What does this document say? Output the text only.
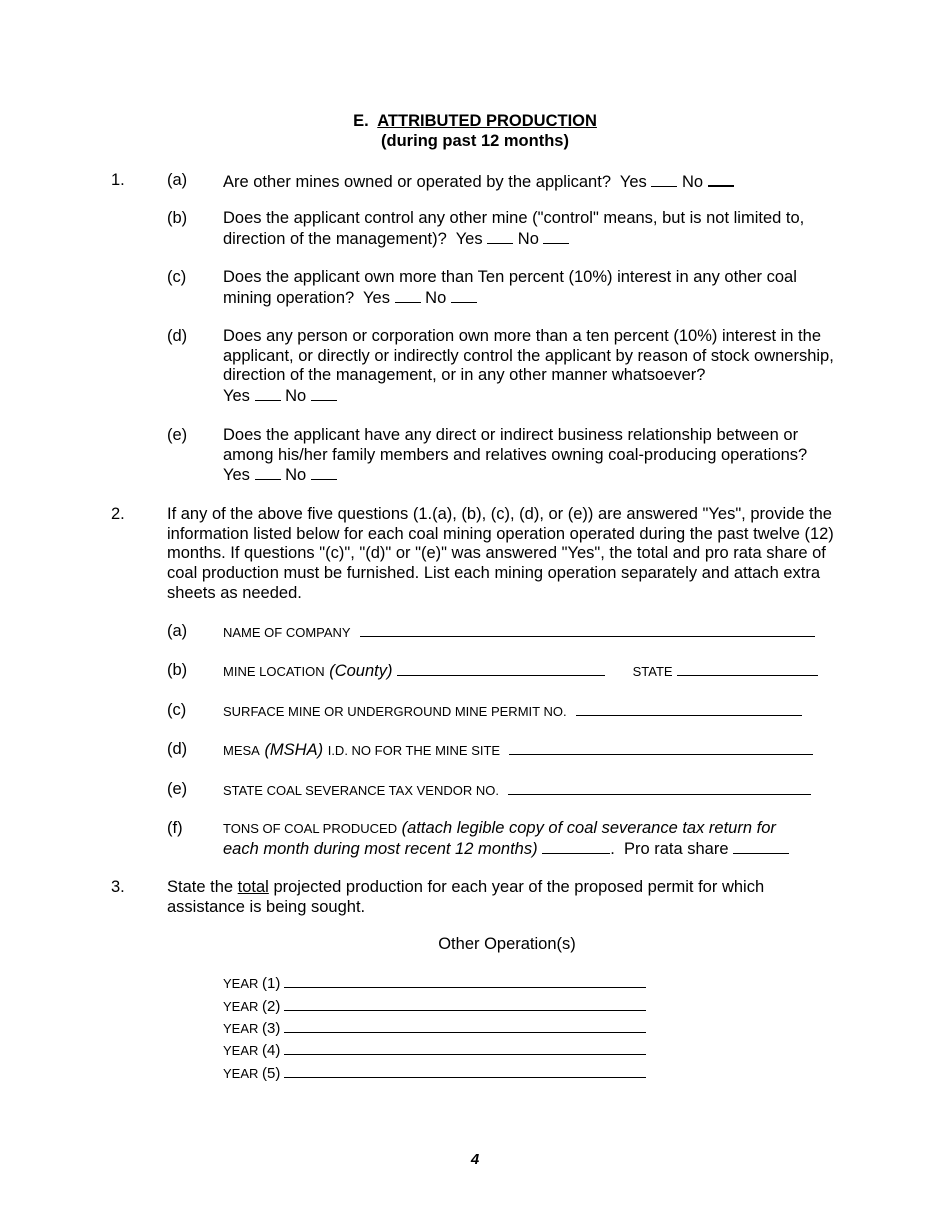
E. ATTRIBUTED PRODUCTION
(during past 12 months)
1.	(a) Are other mines owned or operated by the applicant? Yes No
(b) Does the applicant control any other mine ("control" means, but is not limited to, direction of the management)? Yes No
(c) Does the applicant own more than Ten percent (10%) interest in any other coal mining operation? Yes No
(d) Does any person or corporation own more than a ten percent (10%) interest in the applicant, or directly or indirectly control the applicant by reason of stock ownership, direction of the management, or in any other manner whatsoever?
Yes No
(e) Does the applicant have any direct or indirect business relationship between or among his/her family members and relatives owning coal-producing operations?
Yes No
2.	If any of the above five questions (1.(a), (b), (c), (d), or (e)) are answered "Yes", provide the information listed below for each coal mining operation operated during the past twelve (12) months. If questions "(c)", "(d)" or "(e)" was answered "Yes", the total and pro rata share of coal production must be furnished. List each mining operation separately and attach extra sheets as needed.
(a)	NAME OF COMPANY
(b)	MINE LOCATION (County)	STATE
(c)	SURFACE MINE OR UNDERGROUND MINE PERMIT NO.
(d)	MESA (MSHA) I.D. NO FOR THE MINE SITE
(e)	STATE COAL SEVERANCE TAX VENDOR NO.
(f)	TONS OF COAL PRODUCED (attach legible copy of coal severance tax return for
each month during most recent 12 months)	. Pro rata share
3.	State the total projected production for each year of the proposed permit for which assistance is being sought.
Other Operation(s)
YEAR (1)
YEAR (2)
YEAR (3)
YEAR (4)
YEAR (5)
4
